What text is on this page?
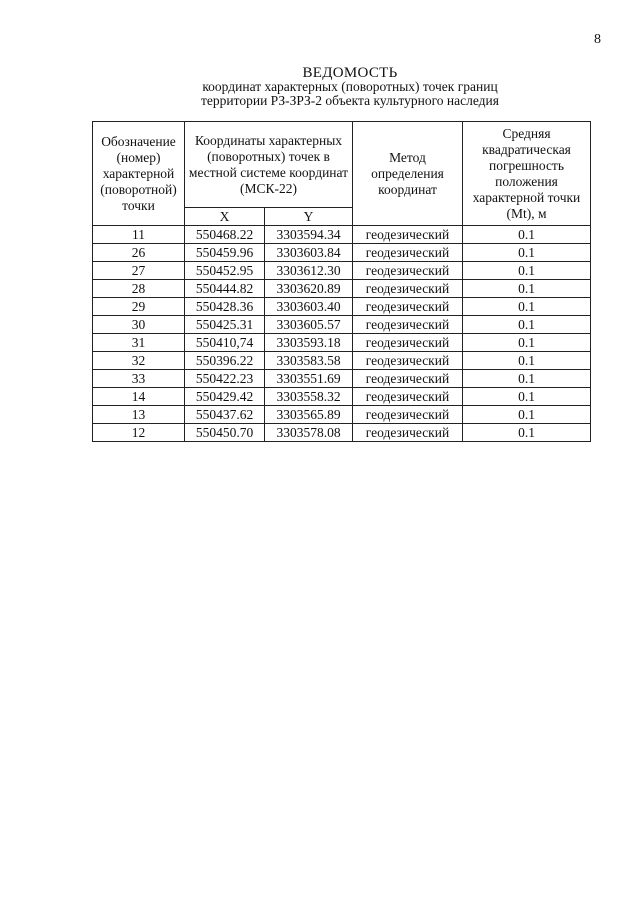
8
ВЕДОМОСТЬ
координат характерных (поворотных) точек границ
территории РЗ-ЗРЗ-2 объекта культурного наследия
Обозначение (номер) характерной (поворотной) точки	Координаты характерных (поворотных) точек в местной системе координат (МСК-22)		Метод определения координат	Средняя квадратическая погрешность положения характерной точки (Mt), м
	X	Y		
11	550468.22	3303594.34	геодезический	0.1
26	550459.96	3303603.84	геодезический	0.1
27	550452.95	3303612.30	геодезический	0.1
28	550444.82	3303620.89	геодезический	0.1
29	550428.36	3303603.40	геодезический	0.1
30	550425.31	3303605.57	геодезический	0.1
31	550410,74	3303593.18	геодезический	0.1
32	550396.22	3303583.58	геодезический	0.1
33	550422.23	3303551.69	геодезический	0.1
14	550429.42	3303558.32	геодезический	0.1
13	550437.62	3303565.89	геодезический	0.1
12	550450.70	3303578.08	геодезический	0.1
